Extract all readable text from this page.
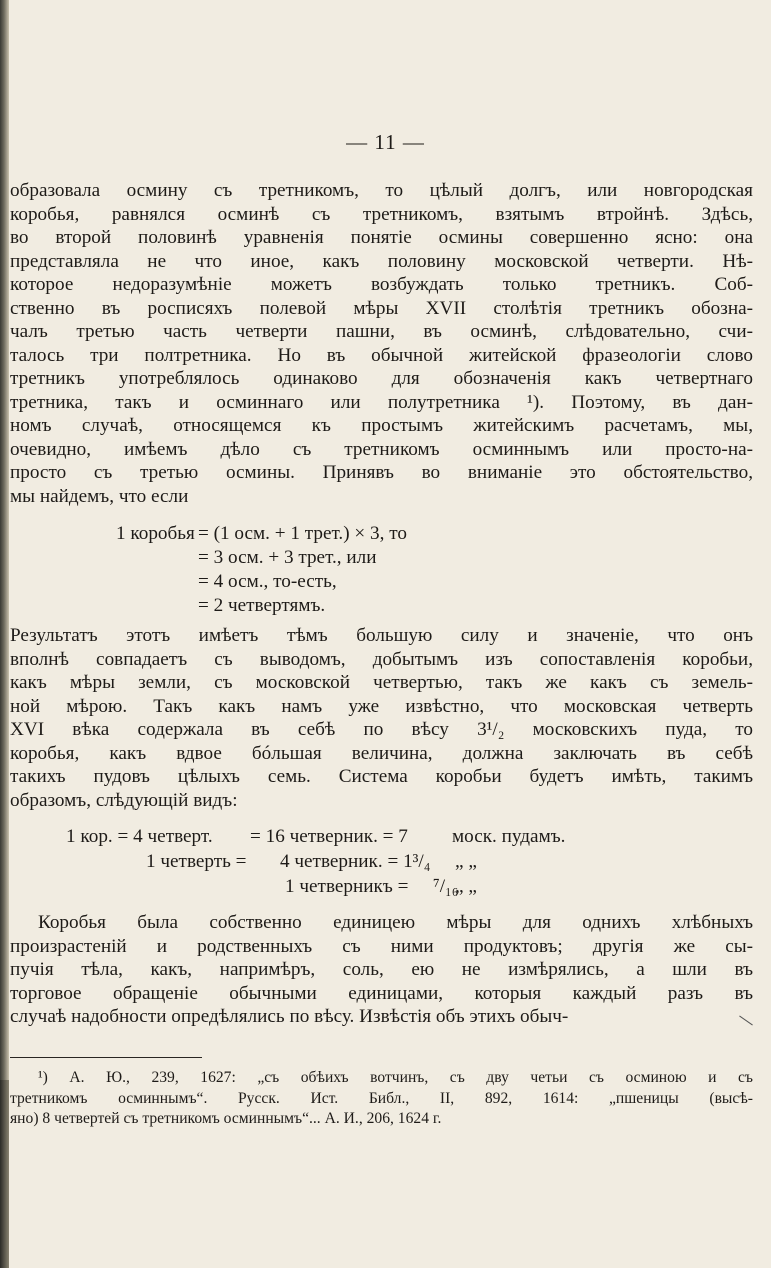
— 11 —
образовала осмину съ третникомъ, то цѣлый долгъ, или новгородская
коробья, равнялся осминѣ съ третникомъ, взятымъ втройнѣ. Здѣсь,
во второй половинѣ уравненія понятіе осмины совершенно ясно: она
представляла не что иное, какъ половину московской четверти. Нѣ-
которое недоразумѣніе можетъ возбуждать только третникъ. Соб-
ственно въ росписяхъ полевой мѣры XVII столѣтія третникъ обозна-
чалъ третью часть четверти пашни, въ осминѣ, слѣдовательно, счи-
талось три полтретника. Но въ обычной житейской фразеологіи слово
третникъ употреблялось одинаково для обозначенія какъ четвертнаго
третника, такъ и осминнаго или полутретника ¹). Поэтому, въ дан-
номъ случаѣ, относящемся къ простымъ житейскимъ расчетамъ, мы,
очевидно, имѣемъ дѣло съ третникомъ осминнымъ или просто-на-
просто съ третью осмины. Принявъ во вниманіе это обстоятельство,
мы найдемъ, что если
1 коробья = (1 осм. + 1 трет.) × 3, то
= 3 осм. + 3 трет., или
= 4 осм., то-есть,
= 2 четвертямъ.
Результатъ этотъ имѣетъ тѣмъ большую силу и значеніе, что онъ
вполнѣ совпадаетъ съ выводомъ, добытымъ изъ сопоставленія коробьи,
какъ мѣры земли, съ московской четвертью, такъ же какъ съ земель-
ной мѣрою. Такъ какъ намъ уже извѣстно, что московская четверть
XVI вѣка содержала въ себѣ по вѣсу 3¹/₂ московскихъ пуда, то
коробья, какъ вдвое бóльшая величина, должна заключать въ себѣ
такихъ пудовъ цѣлыхъ семь. Система коробьи будетъ имѣть, такимъ
образомъ, слѣдующій видъ:
1 кор. = 4 четверт. = 16 четверник. = 7 моск. пудамъ.
1 четверть = 4 четверник. = 1³/₄ „ „
1 четверникъ = ⁷/₁₆
„ „
Коробья была собственно единицею мѣры для однихъ хлѣбныхъ
произрастеній и родственныхъ съ ними продуктовъ; другія же сы-
пучія тѣла, какъ, напримѣръ, соль, ею не измѣрялись, а шли въ
торговое обращеніе обычными единицами, которыя каждый разъ въ
случаѣ надобности опредѣлялись по вѣсу. Извѣстія объ этихъ обыч-
¹) А. Ю., 239, 1627: „съ обѣихъ вотчинъ, съ дву четьи съ осминою и съ
третникомъ осминнымъ“. Русск. Ист. Библ., II, 892, 1614: „пшеницы (высѣ-
яно) 8 четвертей съ третникомъ осминнымъ“... А. И., 206, 1624 г.
